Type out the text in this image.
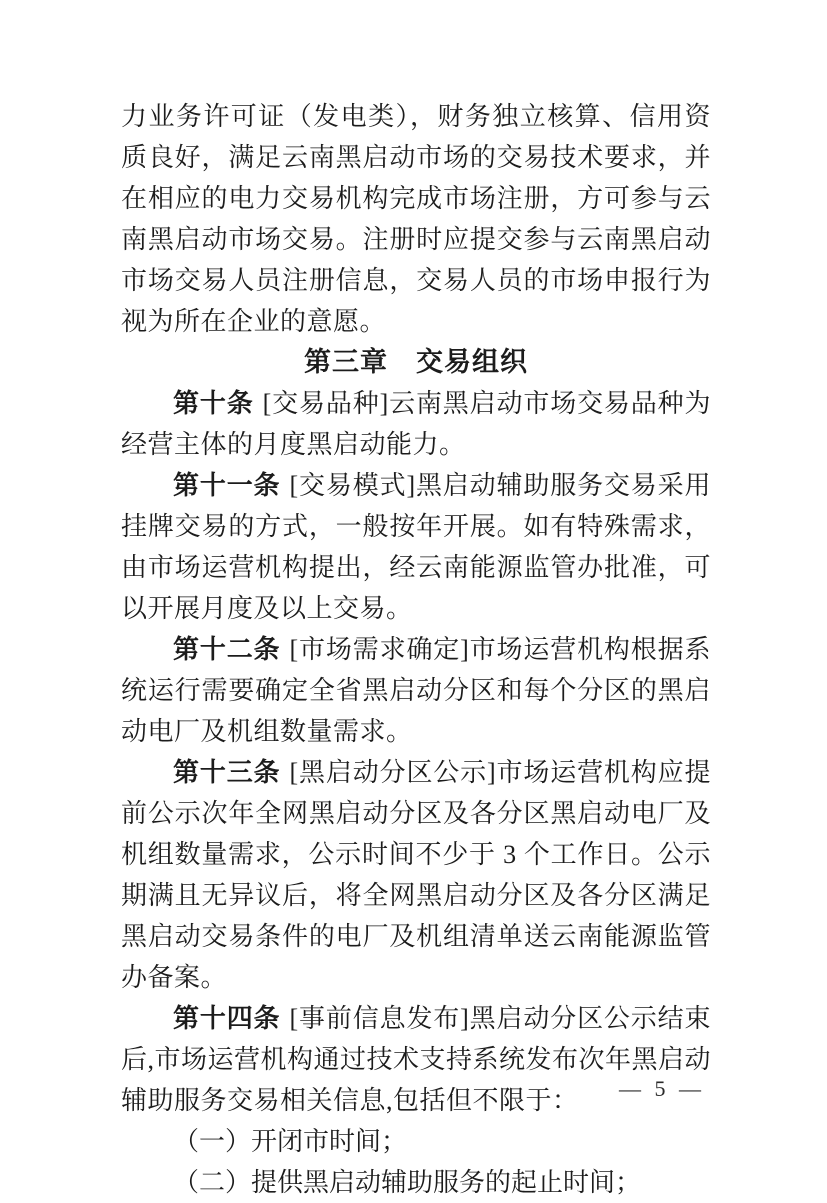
力业务许可证（发电类），财务独立核算、信用资质良好，满足云南黑启动市场的交易技术要求，并在相应的电力交易机构完成市场注册，方可参与云南黑启动市场交易。注册时应提交参与云南黑启动市场交易人员注册信息，交易人员的市场申报行为视为所在企业的意愿。

第三章　交易组织

第十条 [交易品种]云南黑启动市场交易品种为经营主体的月度黑启动能力。

第十一条 [交易模式]黑启动辅助服务交易采用挂牌交易的方式，一般按年开展。如有特殊需求，由市场运营机构提出，经云南能源监管办批准，可以开展月度及以上交易。

第十二条 [市场需求确定]市场运营机构根据系统运行需要确定全省黑启动分区和每个分区的黑启动电厂及机组数量需求。

第十三条 [黑启动分区公示]市场运营机构应提前公示次年全网黑启动分区及各分区黑启动电厂及机组数量需求，公示时间不少于 3 个工作日。公示期满且无异议后，将全网黑启动分区及各分区满足黑启动交易条件的电厂及机组清单送云南能源监管办备案。

第十四条 [事前信息发布]黑启动分区公示结束后,市场运营机构通过技术支持系统发布次年黑启动辅助服务交易相关信息,包括但不限于：

（一）开闭市时间；

（二）提供黑启动辅助服务的起止时间；

— 5 —
